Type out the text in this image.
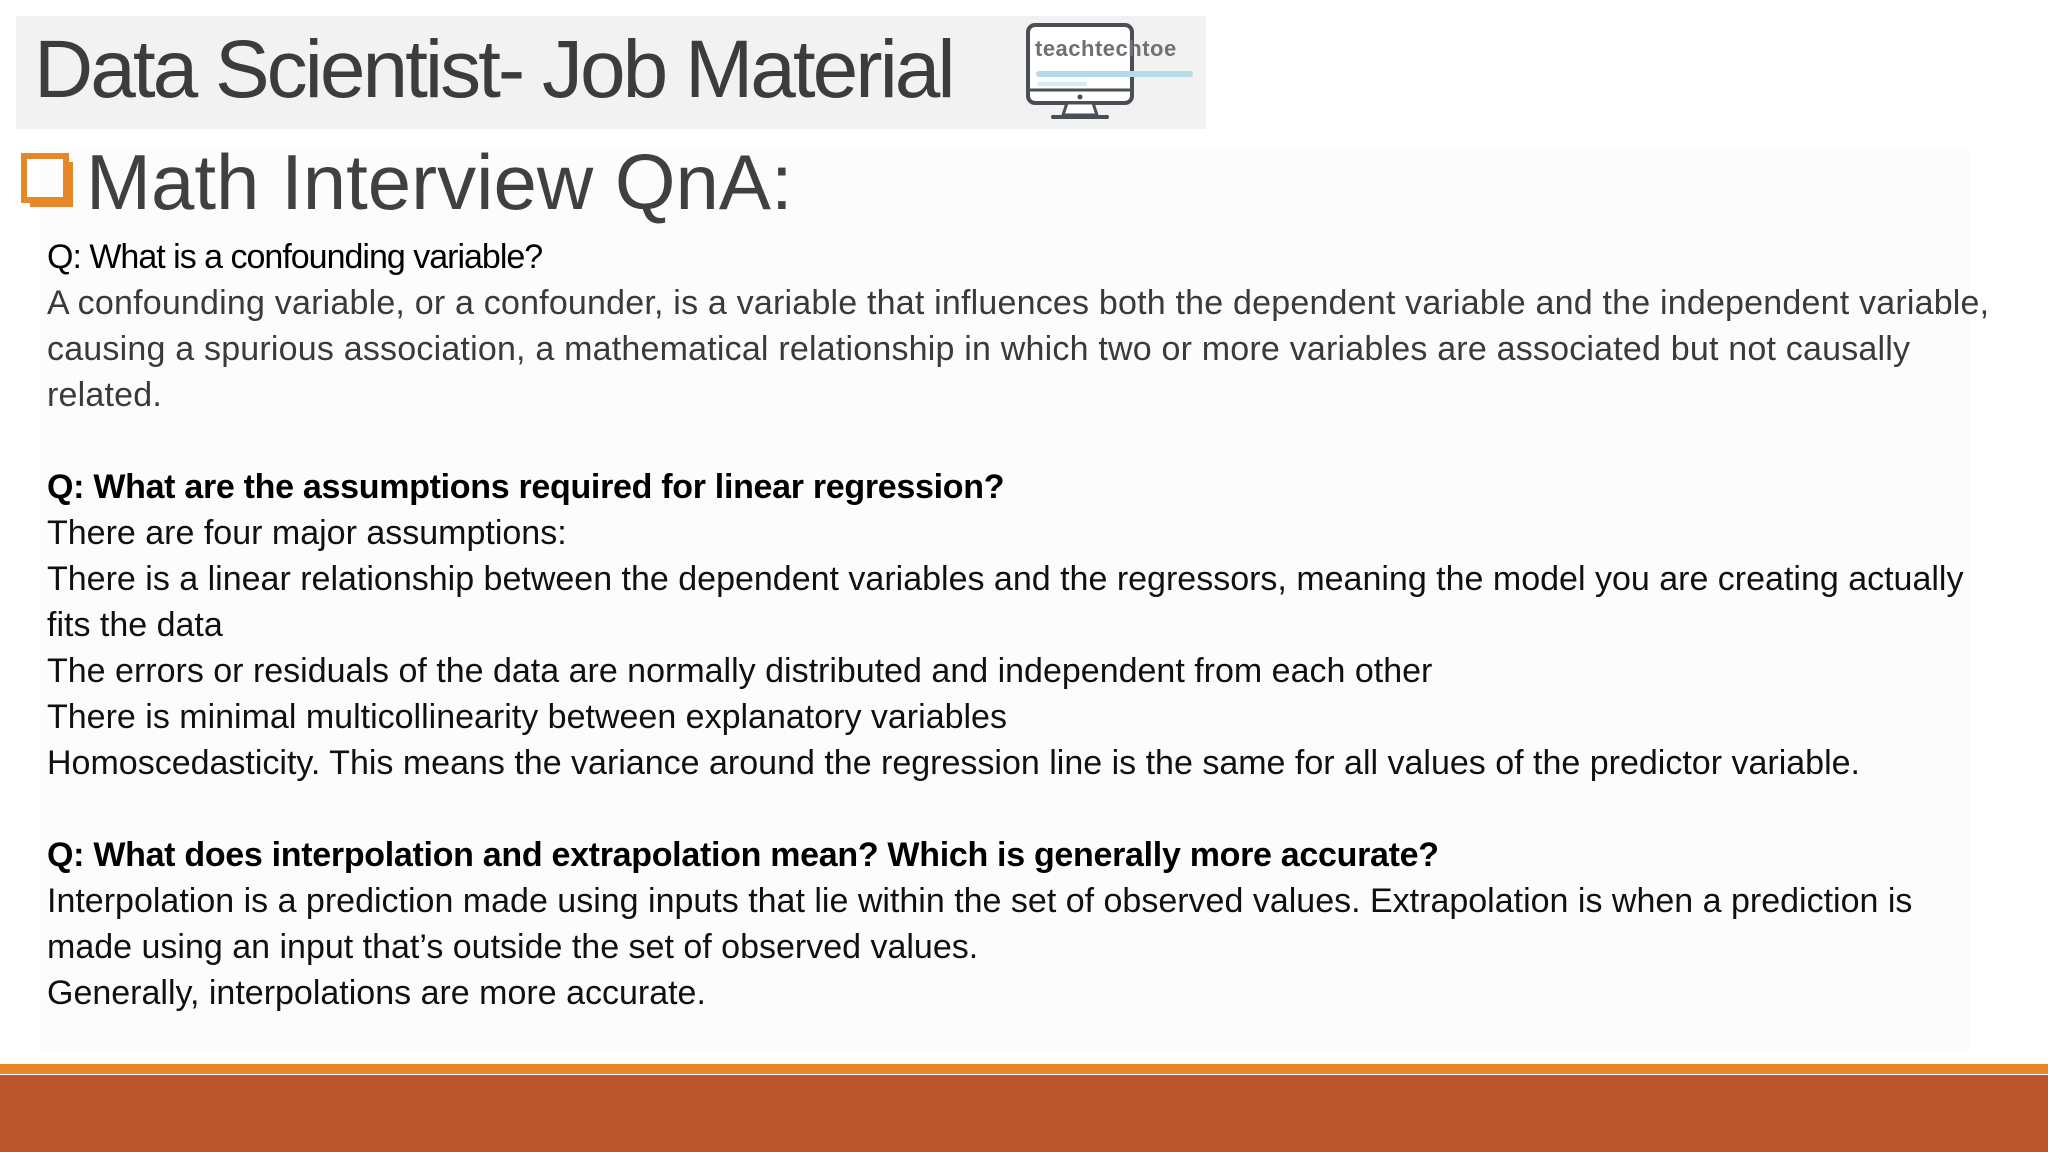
Data Scientist- Job Material	teachtechtoe
Math Interview QnA:

Q: What is a confounding variable?

A confounding variable, or a confounder, is a variable that influences both the dependent variable and the independent variable, causing a spurious association, a mathematical relationship in which two or more variables are associated but not causally related.

Q: What are the assumptions required for linear regression?

There are four major assumptions:

There is a linear relationship between the dependent variables and the regressors, meaning the model you are creating actually fits the data

The errors or residuals of the data are normally distributed and independent from each other

There is minimal multicollinearity between explanatory variables

Homoscedasticity. This means the variance around the regression line is the same for all values of the predictor variable.

Q: What does interpolation and extrapolation mean? Which is generally more accurate?

Interpolation is a prediction made using inputs that lie within the set of observed values. Extrapolation is when a prediction is made using an input that’s outside the set of observed values.

Generally, interpolations are more accurate.
